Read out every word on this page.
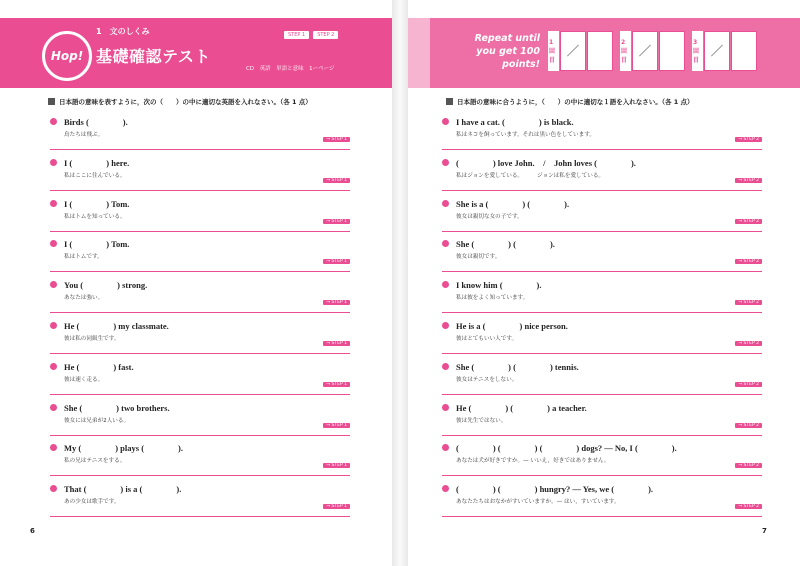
Hop!
1　文のしくみ
基礎確認テスト
STEP 1	STEP 2
CD　英語　単語と意味　1ーページ
日本語の意味を表すように，次の（　　）の中に適切な英語を入れなさい。（各 1 点）
Birds (　　　　).
鳥たちは飛ぶ。
→ STEP 1
I (　　　　) here.
私はここに住んでいる。
→ STEP 1
I (　　　　) Tom.
私はトムを知っている。
→ STEP 1
I (　　　　) Tom.
私はトムです。
→ STEP 1
You (　　　　) strong.
あなたは強い。
→ STEP 1
He (　　　　) my classmate.
彼は私の同級生です。
→ STEP 1
He (　　　　) fast.
彼は速く走る。
→ STEP 1
She (　　　　) two brothers.
彼女には兄弟が2人いる。
→ STEP 1
My (　　　　) plays (　　　　).
私の兄はテニスをする。
→ STEP 1
That (　　　　) is a (　　　　).
あの少女は歌手です。
→ STEP 1
6
Repeat until
you get 100 points!
1回目
2回目
3回目
日本語の意味に合うように，（　　）の中に適切な１語を入れなさい。（各 1 点）
I have a cat. (　　　　) is black.
私はネコを飼っています。それは黒い色をしています。
→ STEP 2
(　　　　) love John.　/　John loves (　　　　).
私はジョンを愛している。　　　ジョンは私を愛している。
→ STEP 2
She is a (　　　　) (　　　　).
彼女は親切な女の子です。
→ STEP 2
She (　　　　) (　　　　).
彼女は親切です。
→ STEP 2
I know him (　　　　).
私は彼をよく知っています。
→ STEP 2
He is a (　　　　) nice person.
彼はとてもいい人です。
→ STEP 2
She (　　　　) (　　　　) tennis.
彼女はテニスをしない。
→ STEP 2
He (　　　　) (　　　　) a teacher.
彼は先生ではない。
→ STEP 2
(　　　　) (　　　　) (　　　　) dogs? — No, I (　　　　).
あなたは犬が好きですか。— いいえ，好きではありません。
→ STEP 2
(　　　　) (　　　　) hungry? — Yes, we (　　　　).
あなたたちはおなかがすいていますか。— はい，すいています。
→ STEP 2
7
